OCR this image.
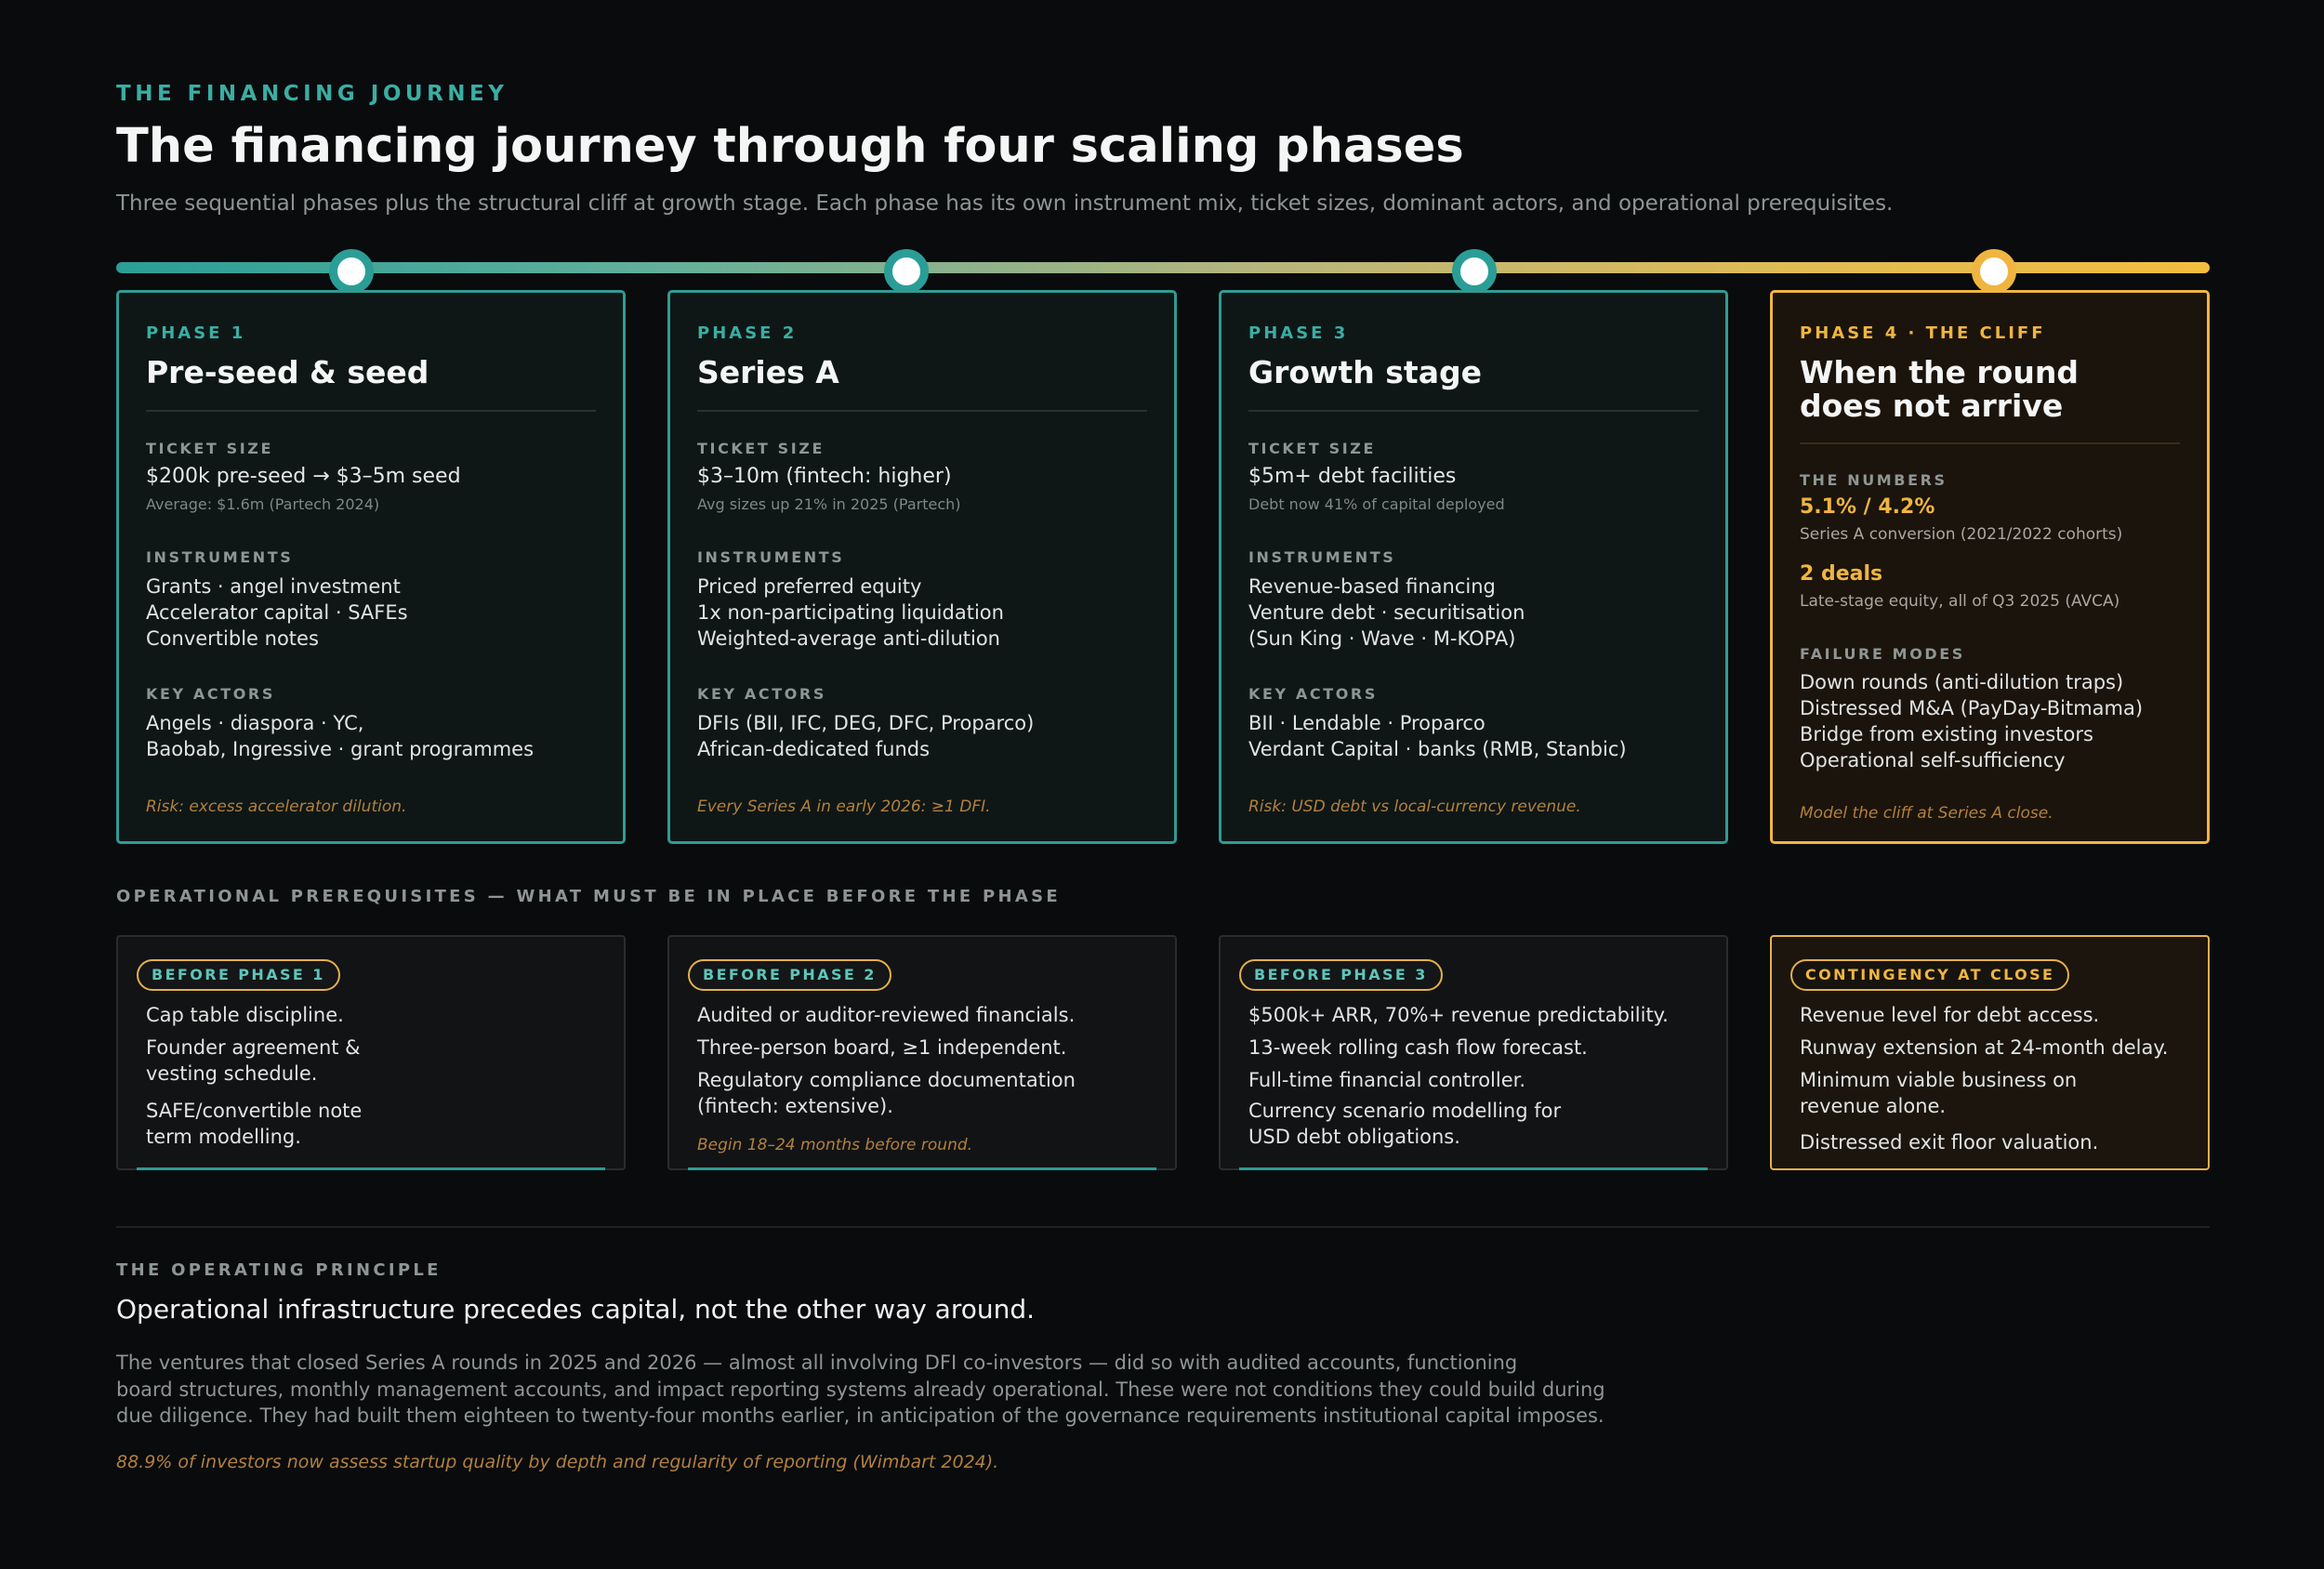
THE FINANCING JOURNEY
The financing journey through four scaling phases
Three sequential phases plus the structural cliff at growth stage. Each phase has its own instrument mix, ticket sizes, dominant actors, and operational prerequisites.
PHASE 1
Pre-seed & seed
TICKET SIZE
$200k pre-seed → $3–5m seed
Average: $1.6m (Partech 2024)
INSTRUMENTS
Grants · angel investment
Accelerator capital · SAFEs
Convertible notes
KEY ACTORS
Angels · diaspora · YC,
Baobab, Ingressive · grant programmes
Risk: excess accelerator dilution.
PHASE 2
Series A
TICKET SIZE
$3–10m (fintech: higher)
Avg sizes up 21% in 2025 (Partech)
INSTRUMENTS
Priced preferred equity
1x non-participating liquidation
Weighted-average anti-dilution
KEY ACTORS
DFIs (BII, IFC, DEG, DFC, Proparco)
African-dedicated funds
Every Series A in early 2026: ≥1 DFI.
PHASE 3
Growth stage
TICKET SIZE
$5m+ debt facilities
Debt now 41% of capital deployed
INSTRUMENTS
Revenue-based financing
Venture debt · securitisation
(Sun King · Wave · M-KOPA)
KEY ACTORS
BII · Lendable · Proparco
Verdant Capital · banks (RMB, Stanbic)
Risk: USD debt vs local-currency revenue.
PHASE 4 · THE CLIFF
When the round
does not arrive
THE NUMBERS
5.1% / 4.2%
Series A conversion (2021/2022 cohorts)
2 deals
Late-stage equity, all of Q3 2025 (AVCA)
FAILURE MODES
Down rounds (anti-dilution traps)
Distressed M&A (PayDay-Bitmama)
Bridge from existing investors
Operational self-sufficiency
Model the cliff at Series A close.
OPERATIONAL PREREQUISITES — WHAT MUST BE IN PLACE BEFORE THE PHASE
BEFORE PHASE 1
Cap table discipline.
Founder agreement &
vesting schedule.
SAFE/convertible note
term modelling.
BEFORE PHASE 2
Audited or auditor-reviewed financials.
Three-person board, ≥1 independent.
Regulatory compliance documentation
(fintech: extensive).
Begin 18–24 months before round.
BEFORE PHASE 3
$500k+ ARR, 70%+ revenue predictability.
13-week rolling cash flow forecast.
Full-time financial controller.
Currency scenario modelling for
USD debt obligations.
CONTINGENCY AT CLOSE
Revenue level for debt access.
Runway extension at 24-month delay.
Minimum viable business on
revenue alone.
Distressed exit floor valuation.
THE OPERATING PRINCIPLE
Operational infrastructure precedes capital, not the other way around.
The ventures that closed Series A rounds in 2025 and 2026 — almost all involving DFI co-investors — did so with audited accounts, functioning
board structures, monthly management accounts, and impact reporting systems already operational. These were not conditions they could build during
due diligence. They had built them eighteen to twenty-four months earlier, in anticipation of the governance requirements institutional capital imposes.
88.9% of investors now assess startup quality by depth and regularity of reporting (Wimbart 2024).
